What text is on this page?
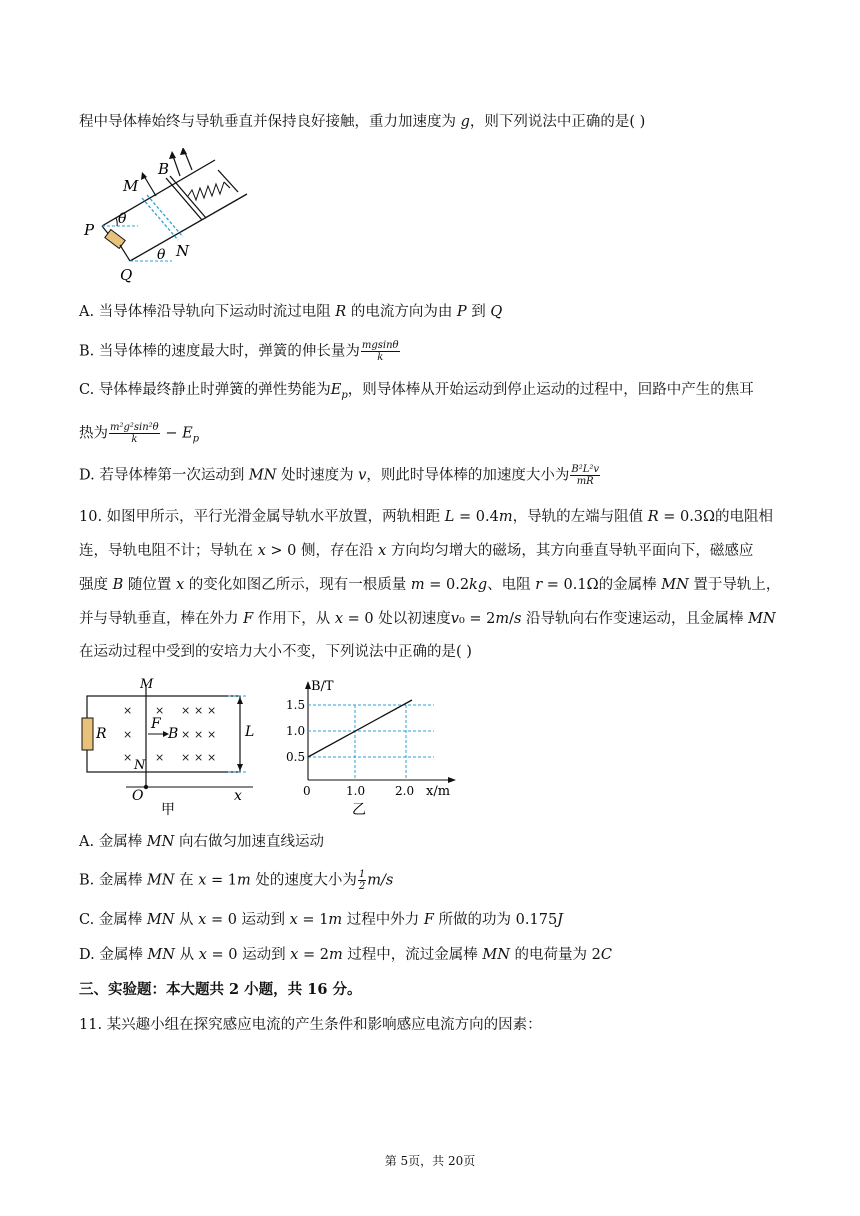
程中导体棒始终与导轨垂直并保持良好接触，重力加速度为 𝑔，则下列说法中正确的是( )
M
B
θ
P
N
θ
Q
A. 当导体棒沿导轨向下运动时流过电阻 𝑅 的电流方向为由 𝑃 到 𝑄
B. 当导体棒的速度最大时，弹簧的伸长量为 $\frac{mgsin\theta}{k}$
C. 导体棒最终静止时弹簧的弹性势能为𝐸$_p$，则导体棒从开始运动到停止运动的过程中，回路中产生的焦耳
热为 $\frac{\text{m²g²sin²θ}}{k}$ − 𝐸$_p$
D. 若导体棒第一次运动到 𝑀𝑁 处时速度为 𝑣，则此时导体棒的加速度大小为 $\frac{\text{B²L²v}}{mR}$
10. 如图甲所示，平行光滑金属导轨水平放置，两轨相距 𝐿 = 0.4𝑚，导轨的左端与阻值 𝑅 = 0.3Ω的电阻相
连，导轨电阻不计；导轨在 𝑥 > 0 侧，存在沿 𝑥 方向均匀增大的磁场，其方向垂直导轨平面向下，磁感应
强度 𝐵 随位置 𝑥 的变化如图乙所示，现有一根质量 𝑚 = 0.2𝑘𝑔、电阻 𝑟 = 0.1Ω的金属棒 𝑀𝑁 置于导轨上，
并与导轨垂直，棒在外力 𝐹 作用下，从 𝑥 = 0 处以初速度𝑣₀ = 2𝑚/𝑠 沿导轨向右作变速运动，且金属棒 𝑀𝑁
在运动过程中受到的安培力大小不变，下列说法中正确的是( )
× × × × ×
×	× × ×
× × × × ×
M
N
R
F
B	L
O	x
甲
B/T
1.5
1.0
0.5
0	1.0 2.0 x/m
乙
A. 金属棒 𝑀𝑁 向右做匀加速直线运动
B. 金属棒 𝑀𝑁 在 𝑥 = 1𝑚 处的速度大小为 $\frac{1}{2}$ 𝑚/𝑠
C. 金属棒 𝑀𝑁 从 𝑥 = 0 运动到 𝑥 = 1𝑚 过程中外力 𝐹 所做的功为 0.175𝐽
D. 金属棒 𝑀𝑁 从 𝑥 = 0 运动到 𝑥 = 2𝑚 过程中，流过金属棒 𝑀𝑁 的电荷量为 2𝐶
三、实验题：本大题共 2 小题，共 16 分。
11. 某兴趣小组在探究感应电流的产生条件和影响感应电流方向的因素：
第 5页，共 20页
